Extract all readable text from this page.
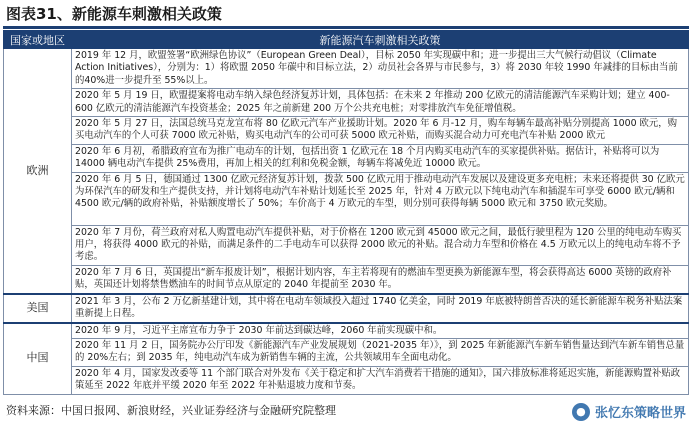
图表31、新能源车刺激相关政策
国家或地区	新能源汽车刺激相关政策
欧洲	2019 年 12 月，欧盟签署“欧洲绿色协议”（European Green Deal），目标 2050 年实现碳中和；进一步提出三大气候行动倡议（Climate Action Initiatives），分别为：1）将欧盟 2050 年碳中和目标立法，2）动员社会各界与市民参与，3）将 2030 年较 1990 年减排的目标由当前的40%进一步提升至 55%以上。
	2020 年 5 月 19 日，欧盟提案将电动车纳入绿色经济复苏计划，具体包括：在未来 2 年推动 200 亿欧元的清洁能源汽车采购计划；建立 400-600 亿欧元的清洁能源汽车投资基金；2025 年之前新建 200 万个公共充电桩；对零排放汽车免征增值税。
	2020 年 5 月 27 日，法国总统马克龙宣布将 80 亿欧元汽车产业援助计划。2020 年 6 月-12 月，购车每辆车最高补贴分别提高 1000 欧元，购买电动汽车的个人可获 7000 欧元补贴，购买电动汽车的公司可获 5000 欧元补贴，而购买混合动力可充电汽车补贴 2000 欧元
	2020 年 6 月初，希腊政府宣布为推广电动车的计划，包括出资 1 亿欧元在 18 个月内购买电动汽车的买家提供补贴。据估计，补贴将可以为 14000 辆电动汽车提供 25%费用，再加上相关的红利和免税金额，每辆车将减免近 10000 欧元。
	2020 年 6 月 5 日，德国通过 1300 亿欧元经济复苏计划，拨款 500 亿欧元用于推动电动汽车发展以及建设更多充电桩；未来还将提供 30 亿欧元为环保汽车的研发和生产提供支持，并计划将电动汽车补贴计划延长至 2025 年，针对 4 万欧元以下纯电动汽车和插混车可享受 6000 欧元/辆和 4500 欧元/辆的政府补贴，补贴额度增长了 50%；车价高于 4 万欧元的车型，则分别可获得每辆 5000 欧元和 3750 欧元奖励。
	2020 年 7 月份，荷兰政府对私人购置电动汽车提供补贴，对于价格在 1200 欧元到 45000 欧元之间，最低行驶里程为 120 公里的纯电动车购买用户，将获得 4000 欧元的补贴，而满足条件的二手电动车可以获得 2000 欧元的补贴。混合动力车型和价格在 4.5 万欧元以上的纯电动车将不予考虑。
	2020 年 7 月 6 日，英国提出“新车报废计划”，根据计划内容，车主若将现有的燃油车型更换为新能源车型，将会获得高达 6000 英镑的政府补贴，英国还计划将禁售燃油车的时间节点从原定的 2040 年提前至 2030 年。
美国	2021 年 3 月，公布 2 万亿新基建计划，其中将在电动车领域投入超过 1740 亿美金，同时 2019 年底被特朗普否决的延长新能源车税务补贴法案重新提上日程。
中国	2020 年 9 月，习近平主席宣布力争于 2030 年前达到碳达峰，2060 年前实现碳中和。
	2020 年 11 月 2 日，国务院办公厅印发《新能源汽车产业发展规划（2021-2035 年）》，到 2025 年新能源汽车新车销售量达到汽车新车销售总量的 20%左右；到 2035 年，纯电动汽车成为新销售车辆的主流，公共领域用车全面电动化。
	2020 年 4 月，国家发改委等 11 个部门联合对外发布《关于稳定和扩大汽车消费若干措施的通知》，国六排放标准将延迟实施，新能源购置补贴政策延至 2022 年底并平缓 2020 年至 2022 年补贴退坡力度和节奏。
资料来源：中国日报网、新浪财经，兴业证券经济与金融研究院整理	● 张忆东策略世界
